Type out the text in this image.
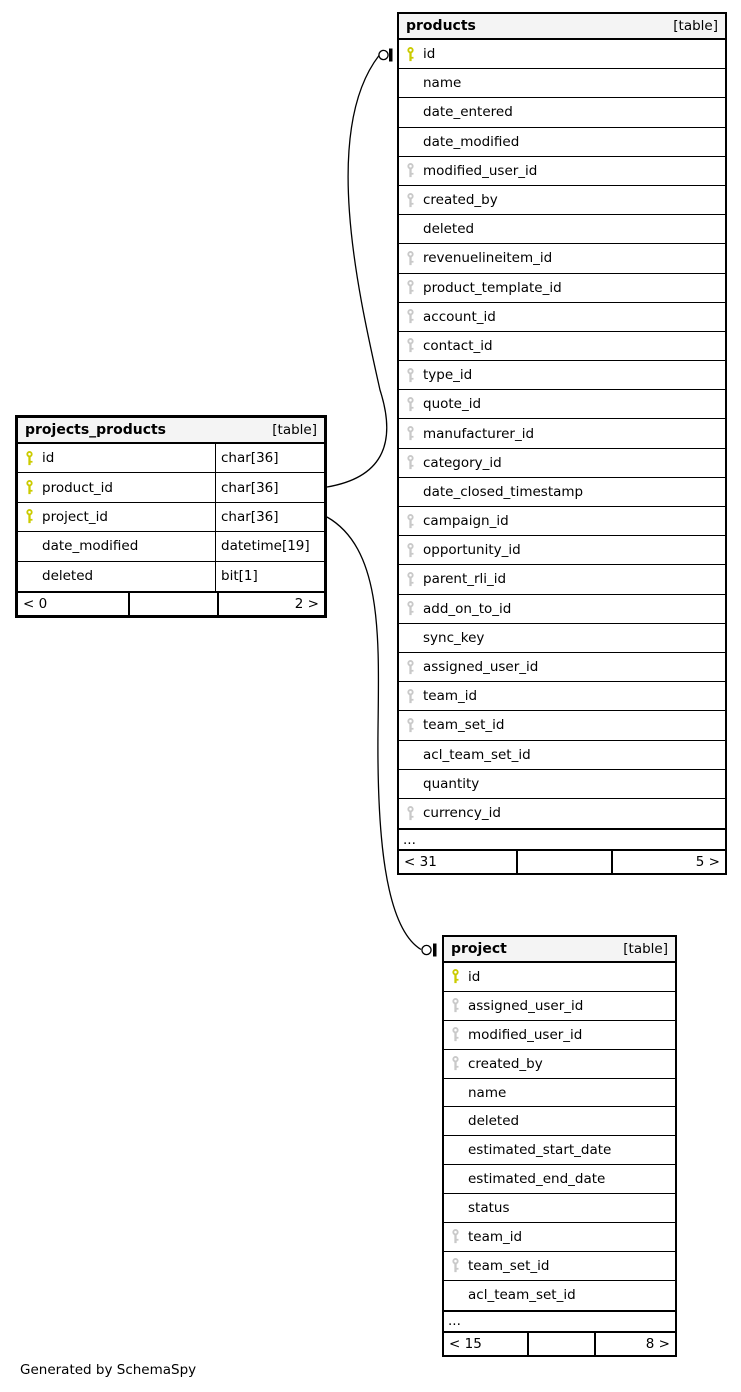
products	[table]
id
name
date_entered
date_modified
modified_user_id
created_by
deleted
revenuelineitem_id
product_template_id
account_id
contact_id
type_id
quote_id
manufacturer_id
category_id
date_closed_timestamp
campaign_id
opportunity_id
parent_rli_id
add_on_to_id
sync_key
assigned_user_id
team_id
team_set_id
acl_team_set_id
quantity
currency_id
...
< 31	5 >
projects_products	[table]
id	char[36]
product_id	char[36]
project_id	char[36]
date_modified	datetime[19]
deleted	bit[1]
< 0	2 >
project	[table]
id
assigned_user_id
modified_user_id
created_by
name
deleted
estimated_start_date
estimated_end_date
status
team_id
team_set_id
acl_team_set_id
...
< 15	8 >
Generated by SchemaSpy
